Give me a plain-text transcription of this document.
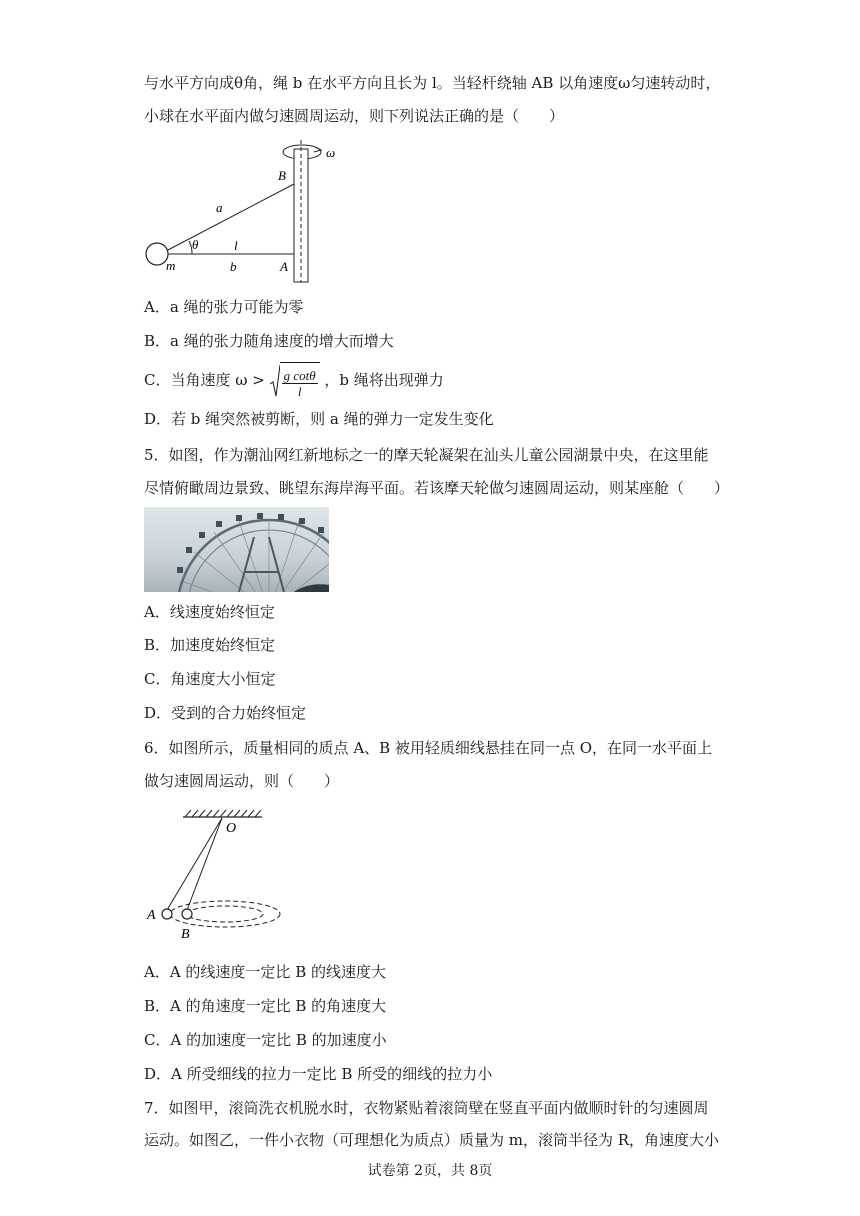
与水平方向成θ角，绳 b 在水平方向且长为 l。当轻杆绕轴 AB 以角速度ω匀速转动时，
小球在水平面内做匀速圆周运动，则下列说法正确的是（　　）
ω
B
A
a
θ	l
m	b
A．a 绳的张力可能为零
B．a 绳的张力随角速度的增大而增大
C．当角速度 $\omega > \frac{\text{g cotθ}}{l}$ ，b 绳将出现弹力
D．若 b 绳突然被剪断，则 a 绳的弹力一定发生变化
5．如图，作为潮汕网红新地标之一的摩天轮凝架在汕头儿童公园湖景中央，在这里能
尽情俯瞰周边景致、眺望东海岸海平面。若该摩天轮做匀速圆周运动，则某座舱（　　）
A．线速度始终恒定
B．加速度始终恒定
C．角速度大小恒定
D．受到的合力始终恒定
6．如图所示，质量相同的质点 A、B 被用轻质细线悬挂在同一点 O，在同一水平面上
做匀速圆周运动，则（　　）
O
A
B
A．A 的线速度一定比 B 的线速度大
B．A 的角速度一定比 B 的角速度大
C．A 的加速度一定比 B 的加速度小
D．A 所受细线的拉力一定比 B 所受的细线的拉力小
7．如图甲，滚筒洗衣机脱水时，衣物紧贴着滚筒壁在竖直平面内做顺时针的匀速圆周
运动。如图乙，一件小衣物（可理想化为质点）质量为 m，滚筒半径为 R，角速度大小
试卷第 2页，共 8页
